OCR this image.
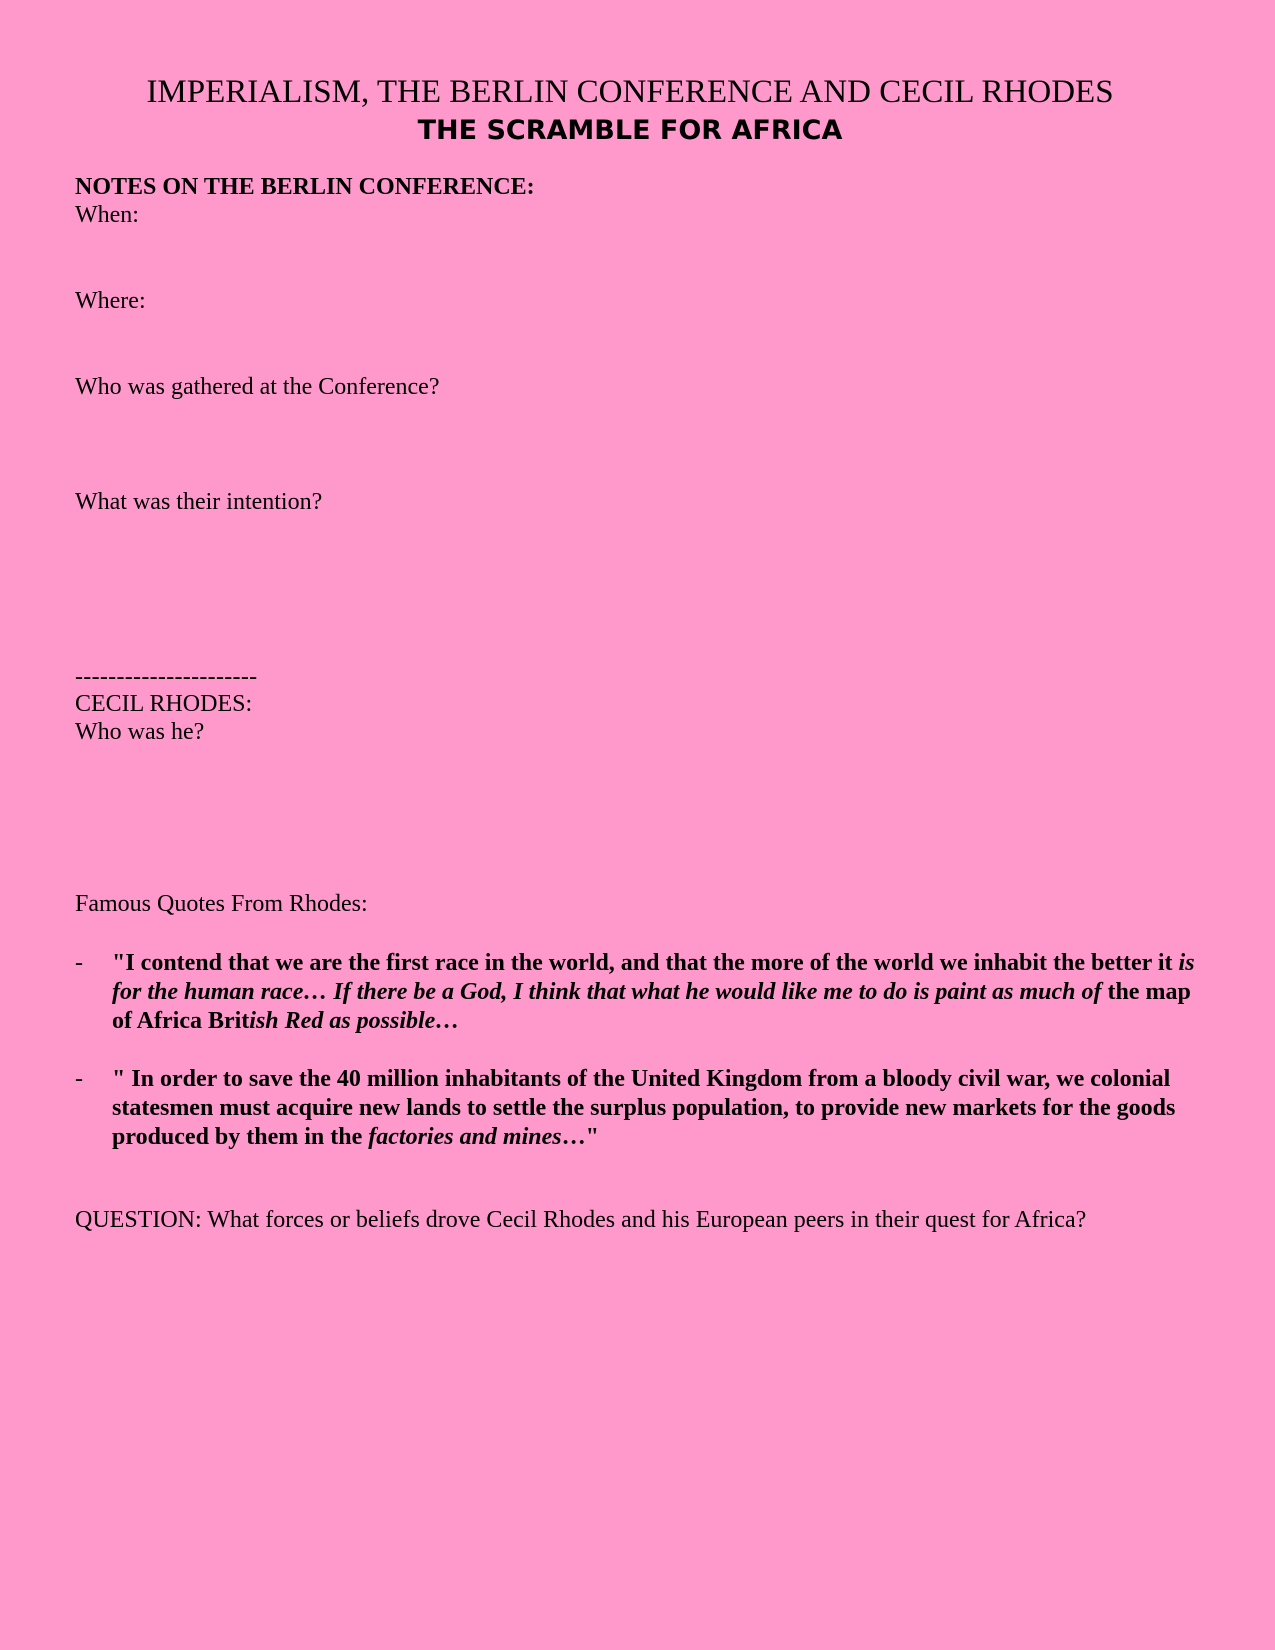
IMPERIALISM, THE BERLIN CONFERENCE AND CECIL RHODES
THE SCRAMBLE FOR AFRICA
NOTES ON THE BERLIN CONFERENCE:
When:
Where:
Who was gathered at the Conference?
What was their intention?
----------------------
CECIL RHODES:
Who was he?
Famous Quotes From Rhodes:
- "I contend that we are the first race in the world, and that the more of the world we inhabit the better it is for the human race… If there be a God, I think that what he would like me to do is paint as much of the map of Africa British Red as possible…
- " In order to save the 40 million inhabitants of the United Kingdom from a bloody civil war, we colonial statesmen must acquire new lands to settle the surplus population, to provide new markets for the goods produced by them in the factories and mines…"
QUESTION: What forces or beliefs drove Cecil Rhodes and his European peers in their quest for Africa?
